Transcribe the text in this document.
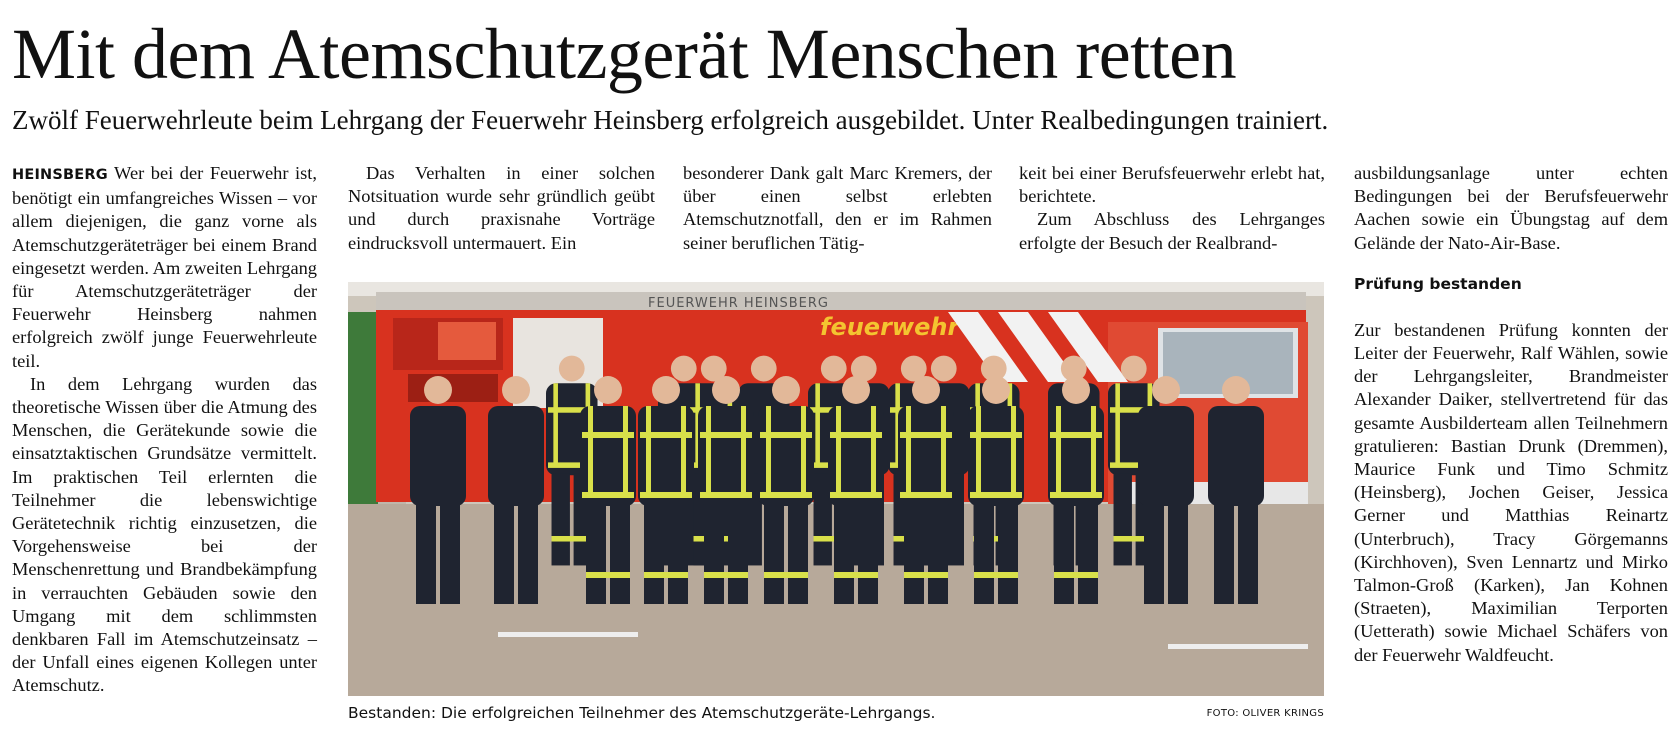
Mit dem Atemschutzgerät Menschen retten
Zwölf Feuerwehrleute beim Lehrgang der Feuerwehr Heinsberg erfolgreich ausgebildet. Unter Realbedingungen trainiert.

HEINSBERG Wer bei der Feuerwehr ist, benötigt ein umfangreiches Wissen – vor allem diejenigen, die ganz vorne als Atemschutzgeräteträger bei einem Brand eingesetzt werden. Am zweiten Lehrgang für Atemschutzgeräteträger der Feuerwehr Heinsberg nahmen erfolgreich zwölf junge Feuerwehrleute teil.

In dem Lehrgang wurden das theoretische Wissen über die Atmung des Menschen, die Gerätekunde sowie die einsatztaktischen Grundsätze vermittelt. Im praktischen Teil erlernten die Teilnehmer die lebenswichtige Gerätetechnik richtig einzusetzen, die Vorgehensweise bei der Menschenrettung und Brandbekämpfung in verrauchten Gebäuden sowie den Umgang mit dem schlimmsten denkbaren Fall im Atemschutzeinsatz – der Unfall eines eigenen Kollegen unter Atemschutz.

Das Verhalten in einer solchen Notsituation wurde sehr gründlich geübt und durch praxisnahe Vorträge eindrucksvoll untermauert. Ein

besonderer Dank galt Marc Kremers, der über einen selbst erlebten Atemschutznotfall, den er im Rahmen seiner beruflichen Tätig-

keit bei einer Berufsfeuerwehr erlebt hat, berichtete.

Zum Abschluss des Lehrganges erfolgte der Besuch der Realbrand-

ausbildungsanlage unter echten Bedingungen bei der Berufsfeuerwehr Aachen sowie ein Übungstag auf dem Gelände der Nato-Air-Base.

Prüfung bestanden

Zur bestandenen Prüfung konnten der Leiter der Feuerwehr, Ralf Wählen, sowie der Lehrgangsleiter, Brandmeister Alexander Daiker, stellvertretend für das gesamte Ausbilderteam allen Teilnehmern gratulieren: Bastian Drunk (Dremmen), Maurice Funk und Timo Schmitz (Heinsberg), Jochen Geiser, Jessica Gerner und Matthias Reinartz (Unterbruch), Tracy Görgemanns (Kirchhoven), Sven Lennartz und Mirko Talmon-Groß (Karken), Jan Kohnen (Straeten), Maximilian Terporten (Uetterath) sowie Michael Schäfers von der Feuerwehr Waldfeucht.

FEUERWEHR HEINSBERG
feuerwehr
Bestanden: Die erfolgreichen Teilnehmer des Atemschutzgeräte-Lehrgangs.	FOTO: OLIVER KRINGS
